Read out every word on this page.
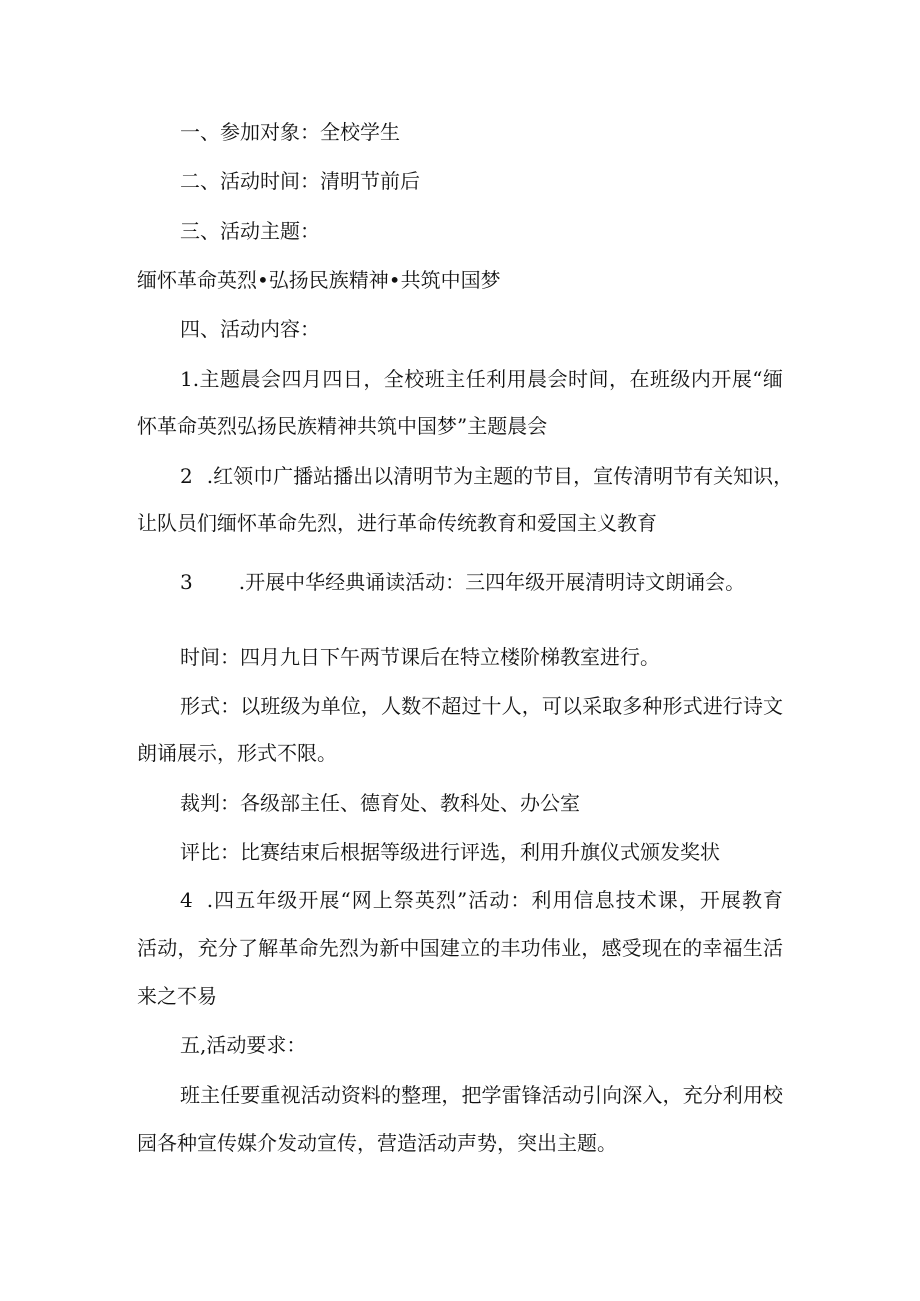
一、参加对象：全校学生
二、活动时间：清明节前后
三、活动主题：
缅怀革命英烈•弘扬民族精神•共筑中国梦
四、活动内容：
1.主题晨会四月四日，全校班主任利用晨会时间，在班级内开展“缅
怀革命英烈弘扬民族精神共筑中国梦”主题晨会
2 .红领巾广播站播出以清明节为主题的节目，宣传清明节有关知识，
让队员们缅怀革命先烈，进行革命传统教育和爱国主义教育
3 .开展中华经典诵读活动：三四年级开展清明诗文朗诵会。
时间：四月九日下午两节课后在特立楼阶梯教室进行。
形式：以班级为单位，人数不超过十人，可以采取多种形式进行诗文
朗诵展示，形式不限。
裁判：各级部主任、德育处、教科处、办公室
评比：比赛结束后根据等级进行评选，利用升旗仪式颁发奖状
4 .四五年级开展“网上祭英烈”活动：利用信息技术课，开展教育
活动，充分了解革命先烈为新中国建立的丰功伟业，感受现在的幸福生活
来之不易
五,活动要求：
班主任要重视活动资料的整理，把学雷锋活动引向深入，充分利用校
园各种宣传媒介发动宣传，营造活动声势，突出主题。
